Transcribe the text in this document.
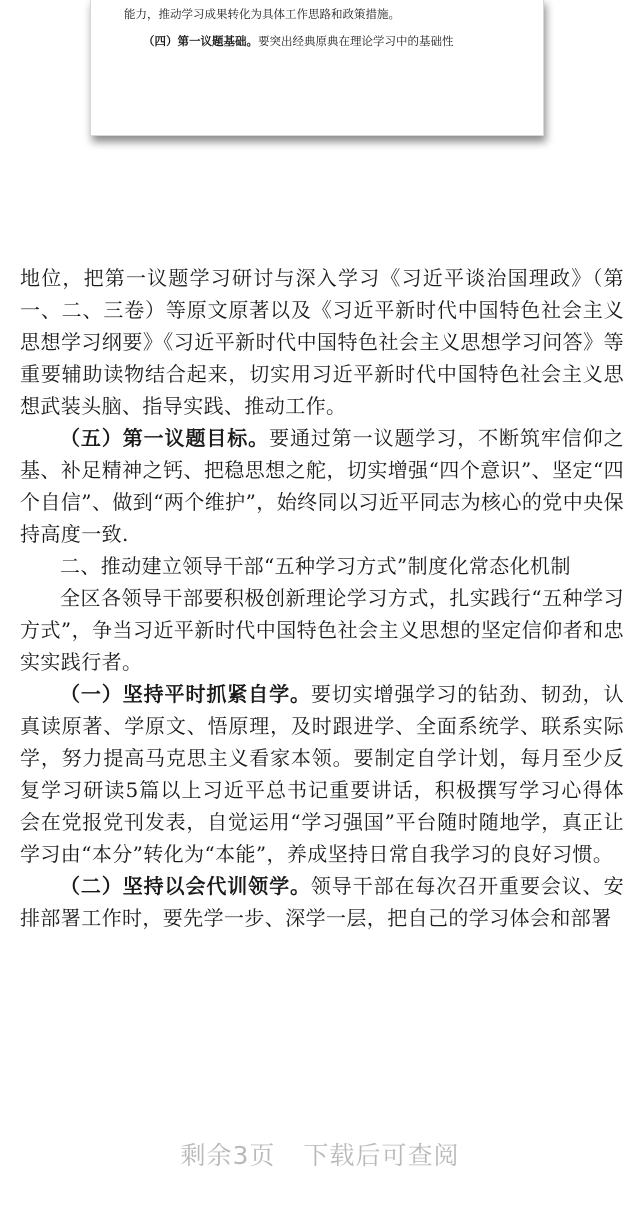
能力，推动学习成果转化为具体工作思路和政策措施。
（四）第一议题基础。要突出经典原典在理论学习中的基础性

地位，把第一议题学习研讨与深入学习《习近平谈治国理政》（第一、二、三卷）等原文原著以及《习近平新时代中国特色社会主义思想学习纲要》《习近平新时代中国特色社会主义思想学习问答》等重要辅助读物结合起来，切实用习近平新时代中国特色社会主义思想武装头脑、指导实践、推动工作。

（五）第一议题目标。要通过第一议题学习，不断筑牢信仰之基、补足精神之钙、把稳思想之舵，切实增强“四个意识”、坚定“四个自信”、做到“两个维护”，始终同以习近平同志为核心的党中央保持高度一致.

二、推动建立领导干部“五种学习方式”制度化常态化机制

全区各领导干部要积极创新理论学习方式，扎实践行“五种学习方式”，争当习近平新时代中国特色社会主义思想的坚定信仰者和忠实实践行者。

（一）坚持平时抓紧自学。要切实增强学习的钻劲、韧劲，认真读原著、学原文、悟原理，及时跟进学、全面系统学、联系实际学，努力提高马克思主义看家本领。要制定自学计划，每月至少反复学习研读5篇以上习近平总书记重要讲话，积极撰写学习心得体会在党报党刊发表，自觉运用“学习强国”平台随时随地学，真正让学习由“本分”转化为“本能”，养成坚持日常自我学习的良好习惯。

（二）坚持以会代训领学。领导干部在每次召开重要会议、安排部署工作时，要先学一步、深学一层，把自己的学习体会和部署

剩余3页 下载后可查阅
